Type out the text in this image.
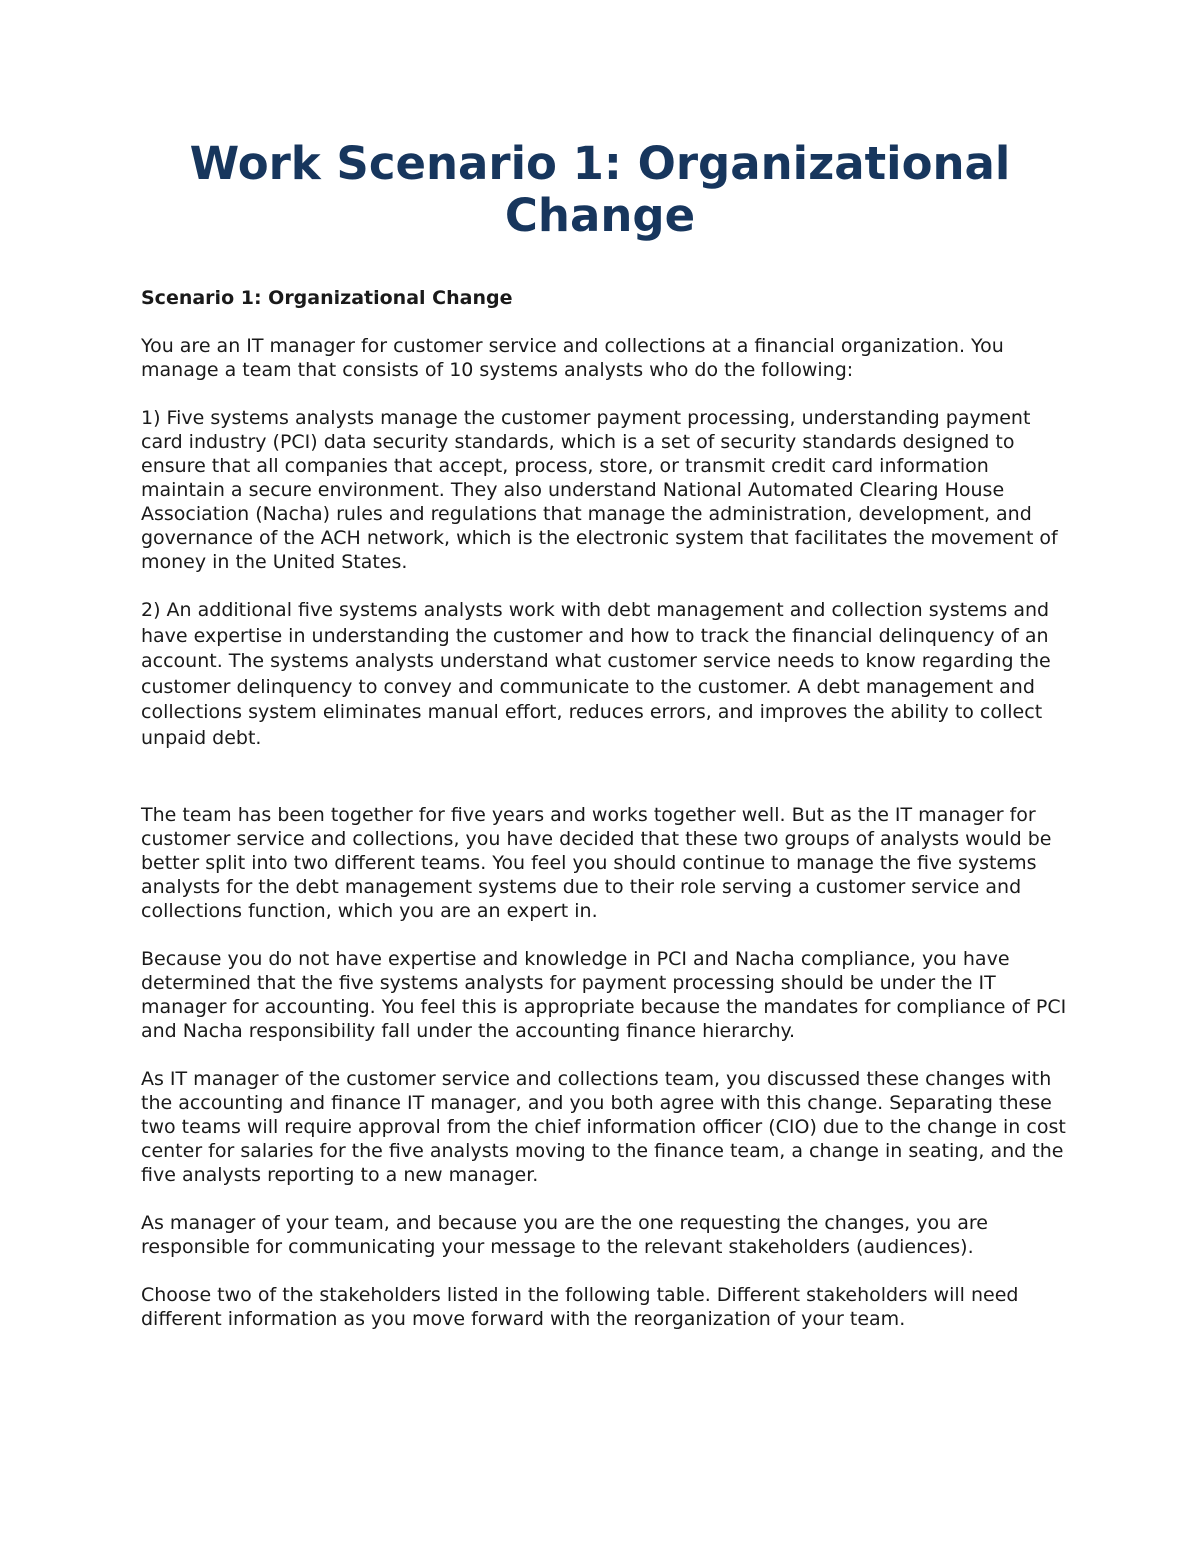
Work Scenario 1: Organizational Change

Scenario 1: Organizational Change

You are an IT manager for customer service and collections at a financial organization. You manage a team that consists of 10 systems analysts who do the following:

1) Five systems analysts manage the customer payment processing, understanding payment card industry (PCI) data security standards, which is a set of security standards designed to ensure that all companies that accept, process, store, or transmit credit card information maintain a secure environment. They also understand National Automated Clearing House Association (Nacha) rules and regulations that manage the administration, development, and governance of the ACH network, which is the electronic system that facilitates the movement of money in the United States.

2) An additional five systems analysts work with debt management and collection systems and have expertise in understanding the customer and how to track the financial delinquency of an account. The systems analysts understand what customer service needs to know regarding the customer delinquency to convey and communicate to the customer. A debt management and collections system eliminates manual effort, reduces errors, and improves the ability to collect unpaid debt.

The team has been together for five years and works together well. But as the IT manager for customer service and collections, you have decided that these two groups of analysts would be better split into two different teams. You feel you should continue to manage the five systems analysts for the debt management systems due to their role serving a customer service and collections function, which you are an expert in.

Because you do not have expertise and knowledge in PCI and Nacha compliance, you have determined that the five systems analysts for payment processing should be under the IT manager for accounting. You feel this is appropriate because the mandates for compliance of PCI and Nacha responsibility fall under the accounting finance hierarchy.

As IT manager of the customer service and collections team, you discussed these changes with the accounting and finance IT manager, and you both agree with this change. Separating these two teams will require approval from the chief information officer (CIO) due to the change in cost center for salaries for the five analysts moving to the finance team, a change in seating, and the five analysts reporting to a new manager.

As manager of your team, and because you are the one requesting the changes, you are responsible for communicating your message to the relevant stakeholders (audiences).

Choose two of the stakeholders listed in the following table. Different stakeholders will need different information as you move forward with the reorganization of your team.
